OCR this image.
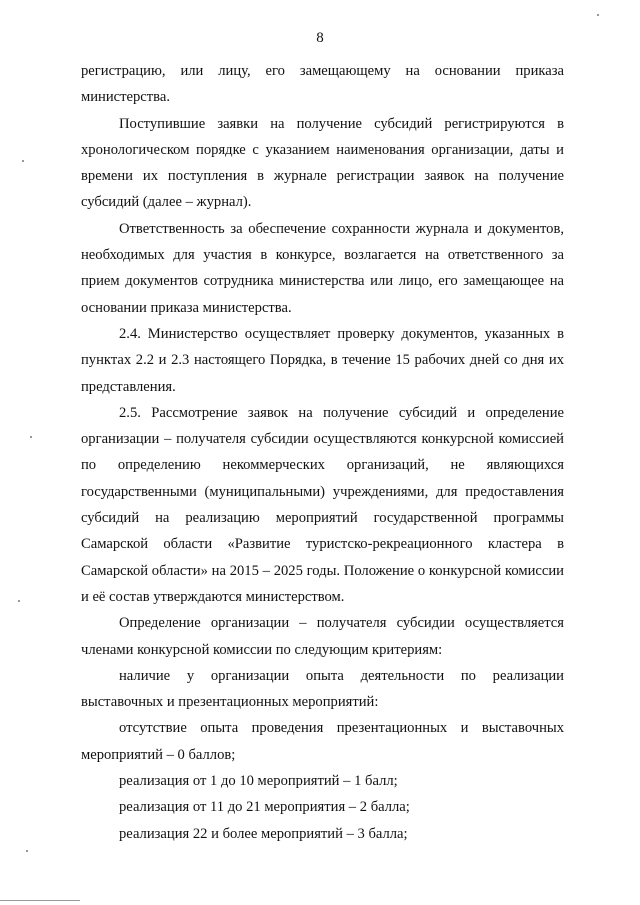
8

регистрацию, или лицу, его замещающему на основании приказа министерства.

Поступившие заявки на получение субсидий регистрируются в хронологическом порядке с указанием наименования организации, даты и времени их поступления в журнале регистрации заявок на получение субсидий (далее – журнал).

Ответственность за обеспечение сохранности журнала и документов, необходимых для участия в конкурсе, возлагается на ответственного за прием документов сотрудника министерства или лицо, его замещающее на основании приказа министерства.

2.4. Министерство осуществляет проверку документов, указанных в пунктах 2.2 и 2.3 настоящего Порядка, в течение 15 рабочих дней со дня их представления.

2.5. Рассмотрение заявок на получение субсидий и определение организации – получателя субсидии осуществляются конкурсной комиссией по определению некоммерческих организаций, не являющихся государственными (муниципальными) учреждениями, для предоставления субсидий на реализацию мероприятий государственной программы Самарской области «Развитие туристско-рекреационного кластера в Самарской области» на 2015 – 2025 годы. Положение о конкурсной комиссии и её состав утверждаются министерством.

Определение организации – получателя субсидии осуществляется членами конкурсной комиссии по следующим критериям:

наличие у организации опыта деятельности по реализации выставочных и презентационных мероприятий:

отсутствие опыта проведения презентационных и выставочных мероприятий – 0 баллов;

реализация от 1 до 10 мероприятий – 1 балл;

реализация от 11 до 21 мероприятия – 2 балла;

реализация 22 и более мероприятий – 3 балла;
